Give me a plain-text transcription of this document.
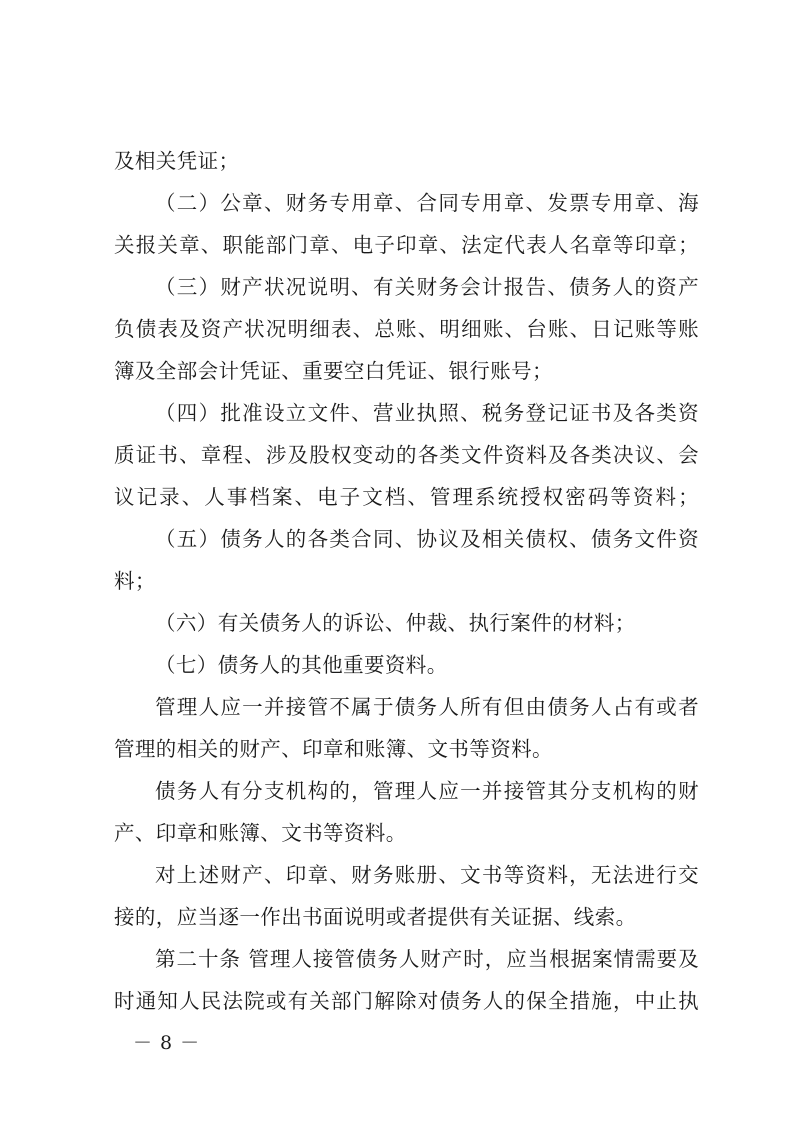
及相关凭证；
（二）公章、财务专用章、合同专用章、发票专用章、海
关报关章、职能部门章、电子印章、法定代表人名章等印章；
（三）财产状况说明、有关财务会计报告、债务人的资产
负债表及资产状况明细表、总账、明细账、台账、日记账等账
簿及全部会计凭证、重要空白凭证、银行账号；
（四）批准设立文件、营业执照、税务登记证书及各类资
质证书、章程、涉及股权变动的各类文件资料及各类决议、会
议记录、人事档案、电子文档、管理系统授权密码等资料；
（五）债务人的各类合同、协议及相关债权、债务文件资
料；
（六）有关债务人的诉讼、仲裁、执行案件的材料；
（七）债务人的其他重要资料。
管理人应一并接管不属于债务人所有但由债务人占有或者
管理的相关的财产、印章和账簿、文书等资料。
债务人有分支机构的，管理人应一并接管其分支机构的财
产、印章和账簿、文书等资料。
对上述财产、印章、财务账册、文书等资料，无法进行交
接的，应当逐一作出书面说明或者提供有关证据、线索。
第二十条 管理人接管债务人财产时，应当根据案情需要及
时通知人民法院或有关部门解除对债务人的保全措施，中止执
－ 8 －
